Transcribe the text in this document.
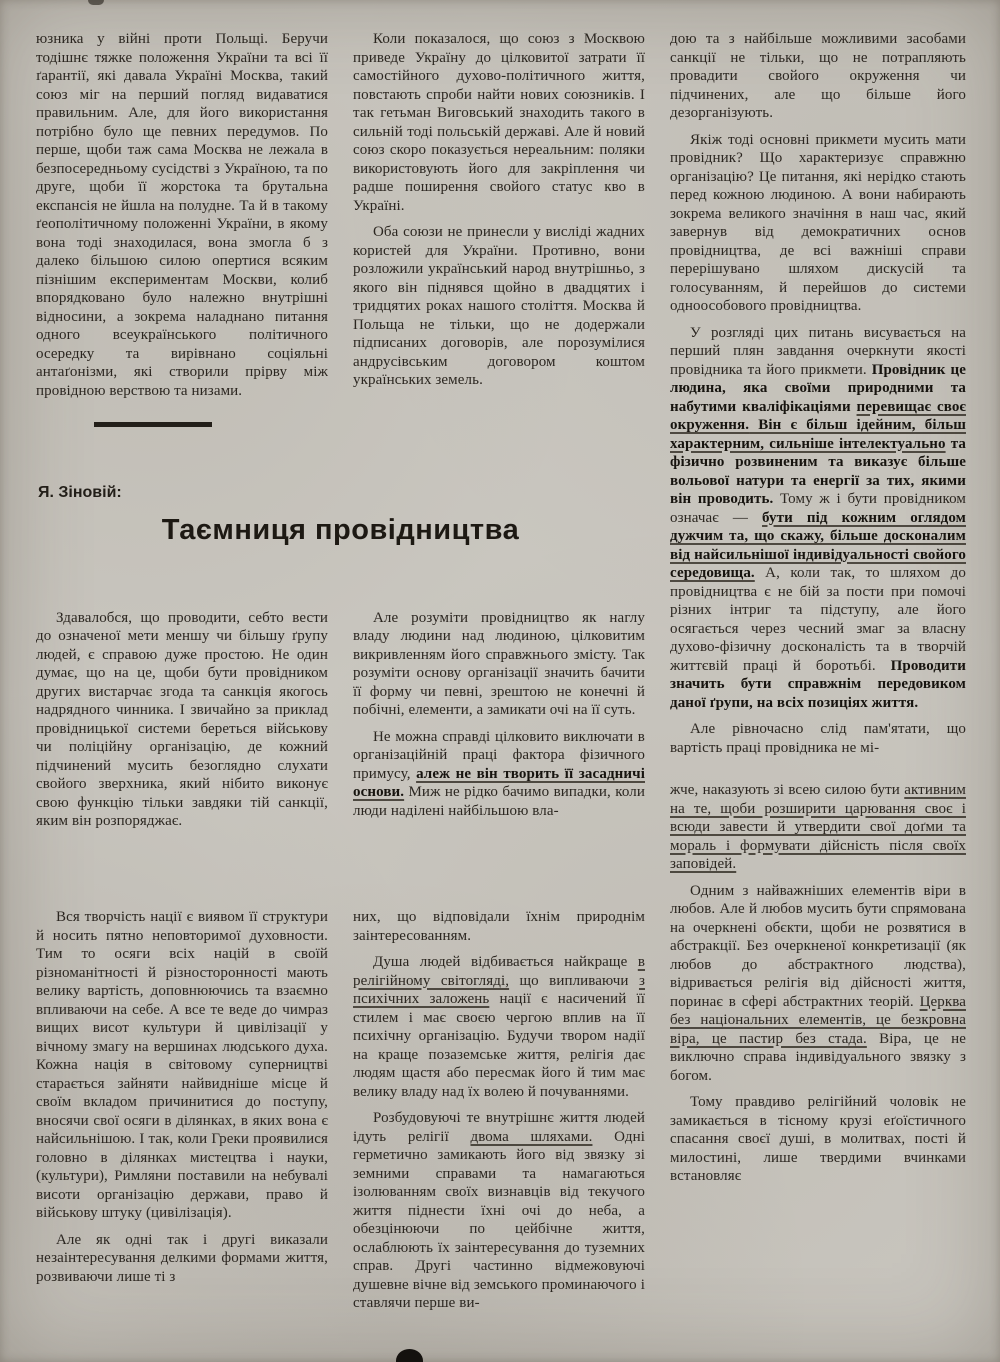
юзника у війні проти Польщі. Беручи тодішнє тяжке положення України та всі її ґарантії, які давала Україні Москва, такий союз міг на перший погляд видаватися правильним. Але, для його використання потрібно було ще певних передумов. По перше, щоби таж сама Москва не лежала в безпосередньому сусідстві з Україною, та по друге, щоби її жорстока та брутальна експансія не йшла на полудне. Та й в такому ґеополітичному положенні України, в якому вона тоді знаходилася, вона змогла б з далеко більшою силою опертися всяким пізнішим експериментам Москви, колиб впорядковано було належно внутрішні відносини, а зокрема наладнано питання одного всеукраїнського політичного осередку та вирівнано соціяльні антаґонізми, які створили прірву між провідною верствою та низами.

Коли показалося, що союз з Москвою приведе Україну до цілковитої затрати її самостійного духово-політичного життя, повстають спроби найти нових союзників. І так гетьман Виговський знаходить такого в сильній тоді польській державі. Але й новий союз скоро показується нереальним: поляки використовують його для закріплення чи радше поширення свойого статус кво в Україні.

Оба союзи не принесли у висліді жадних користей для України. Противно, вони розложили український народ внутрішньо, з якого він піднявся щойно в двадцятих і тридцятих роках нашого століття. Москва й Польща не тільки, що не додержали підписаних договорів, але порозумілися андрусівським договором коштом українських земель.

Я. Зіновій:
Таємниця провідництва

Здавалобся, що проводити, себто вести до означеної мети меншу чи більшу ґрупу людей, є справою дуже простою. Не один думає, що на це, щоби бути провідником других вистарчає згода та санкція якогось надрядного чинника. І звичайно за приклад провідницької системи береться військову чи поліційну організацію, де кожний підчинений мусить безоглядно слухати свойого зверхника, який нібито виконує свою функцію тільки завдяки тій санкції, яким він розпоряджає.

Але розуміти провідництво як наглу владу людини над людиною, цілковитим викривленням його справжнього змісту. Так розуміти основу організації значить бачити її форму чи певні, зрештою не конечні й побічні, елементи, а замикати очі на її суть.

Не можна справді цілковито виключати в організаційній праці фактора фізичного примусу, алеж не він творить її засадничі основи. Миж не рідко бачимо випадки, коли люди наділені найбільшою вла-

Вся творчість нації є виявом її структури й носить пятно неповторимої духовности. Тим то осяги всіх націй в своїй різноманітності й різносторонності мають велику вартість, доповнюючись та взаємно впливаючи на себе. А все те веде до чимраз вищих висот культури й цивілізації у вічному змагу на вершинах людського духа. Кожна нація в світовому суперництві старається зайняти найвидніше місце й своїм вкладом причинитися до поступу, вносячи свої осяги в ділянках, в яких вона є найсильнішою. І так, коли Греки проявилися головно в ділянках мистецтва і науки, (культури), Римляни поставили на небувалі висоти організацію держави, право й військову штуку (цивілізація).

Але як одні так і другі виказали незаінтересування делкими формами життя, розвиваючи лише ті з

них, що відповідали їхнім природнім заінтересованням.

Душа людей відбивається найкраще в релігійному світогляді, що випливаючи з психічних заложень нації є насичений її стилем і має своєю чергою вплив на її психічну організацію. Будучи твором надії на краще позаземське життя, релігія дає людям щастя або пересмак його й тим має велику владу над їх волею й почуваннями.

Розбудовуючі те внутрішнє життя людей ідуть релігії двома шляхами. Одні герметично замикають його від звязку зі земними справами та намагаються ізолюванням своїх визнавців від текучого життя піднести їхні очі до неба, а обезцінюючи по цейбічне життя, ослаблюють їх заінтересування до туземних справ. Другі частинно відмежовуючі душевне вічне від земського проминаючого і ставлячи перше ви-

дою та з найбільше можливими засобами санкції не тільки, що не потрапляють провадити свойого окруження чи підчинених, але що більше його дезорганізують.

Якіж тоді основні прикмети мусить мати провідник? Що характеризує справжню організацію? Це питання, які нерідко стають перед кожною людиною. А вони набирають зокрема великого значіння в наш час, який завернув від демократичних основ провідництва, де всі важніші справи перерішувано шляхом дискусій та голосуванням, й перейшов до системи одноособового провідництва.

У розгляді цих питань висувається на перший плян завдання очеркнути якості провідника та його прикмети. Провідник це людина, яка своїми природними та набутими кваліфікаціями перевищає своє окруження. Він є більш ідейним, більш характерним, сильніше інтелектуально та фізично розвиненим та виказує більше вольової натури та енергії за тих, якими він проводить. Тому ж і бути провідником означає — бути під кожним оглядом дужчим та, що скажу, більше досконалим від найсильнішої індивідуальності свойого середовища. А, коли так, то шляхом до провідництва є не бій за пости при помочі різних інтриг та підступу, але його осягається через чесний змаг за власну духово-фізичну досконалість та в творчій життєвій праці й боротьбі. Проводити значить бути справжнім передовиком даної ґрупи, на всіх позиціях життя.

Але рівночасно слід пам'ятати, що вартість праці провідника не мі-

жче, наказують зі всею силою бути активним на те, щоби розширити царювання своє і всюди завести й утвердити свої доґми та мораль і формувати дійсність після своїх заповідей.

Одним з найважніших елементів віри в любов. Але й любов мусить бути спрямована на очеркнені обєкти, щоби не розвятися в абстракції. Без очеркненої конкретизації (як любов до абстрактного людства), відривається релігія від дійсності життя, поринає в сфері абстрактних теорій. Церква без національних елементів, це безкровна віра, це пастир без стада. Віра, це не виключно справа індивідуального звязку з богом.

Тому правдиво релігійний чоловік не замикається в тісному крузі еґоїстичного спасання своєї душі, в молитвах, пості й милостині, лише твердими вчинками встановляє
